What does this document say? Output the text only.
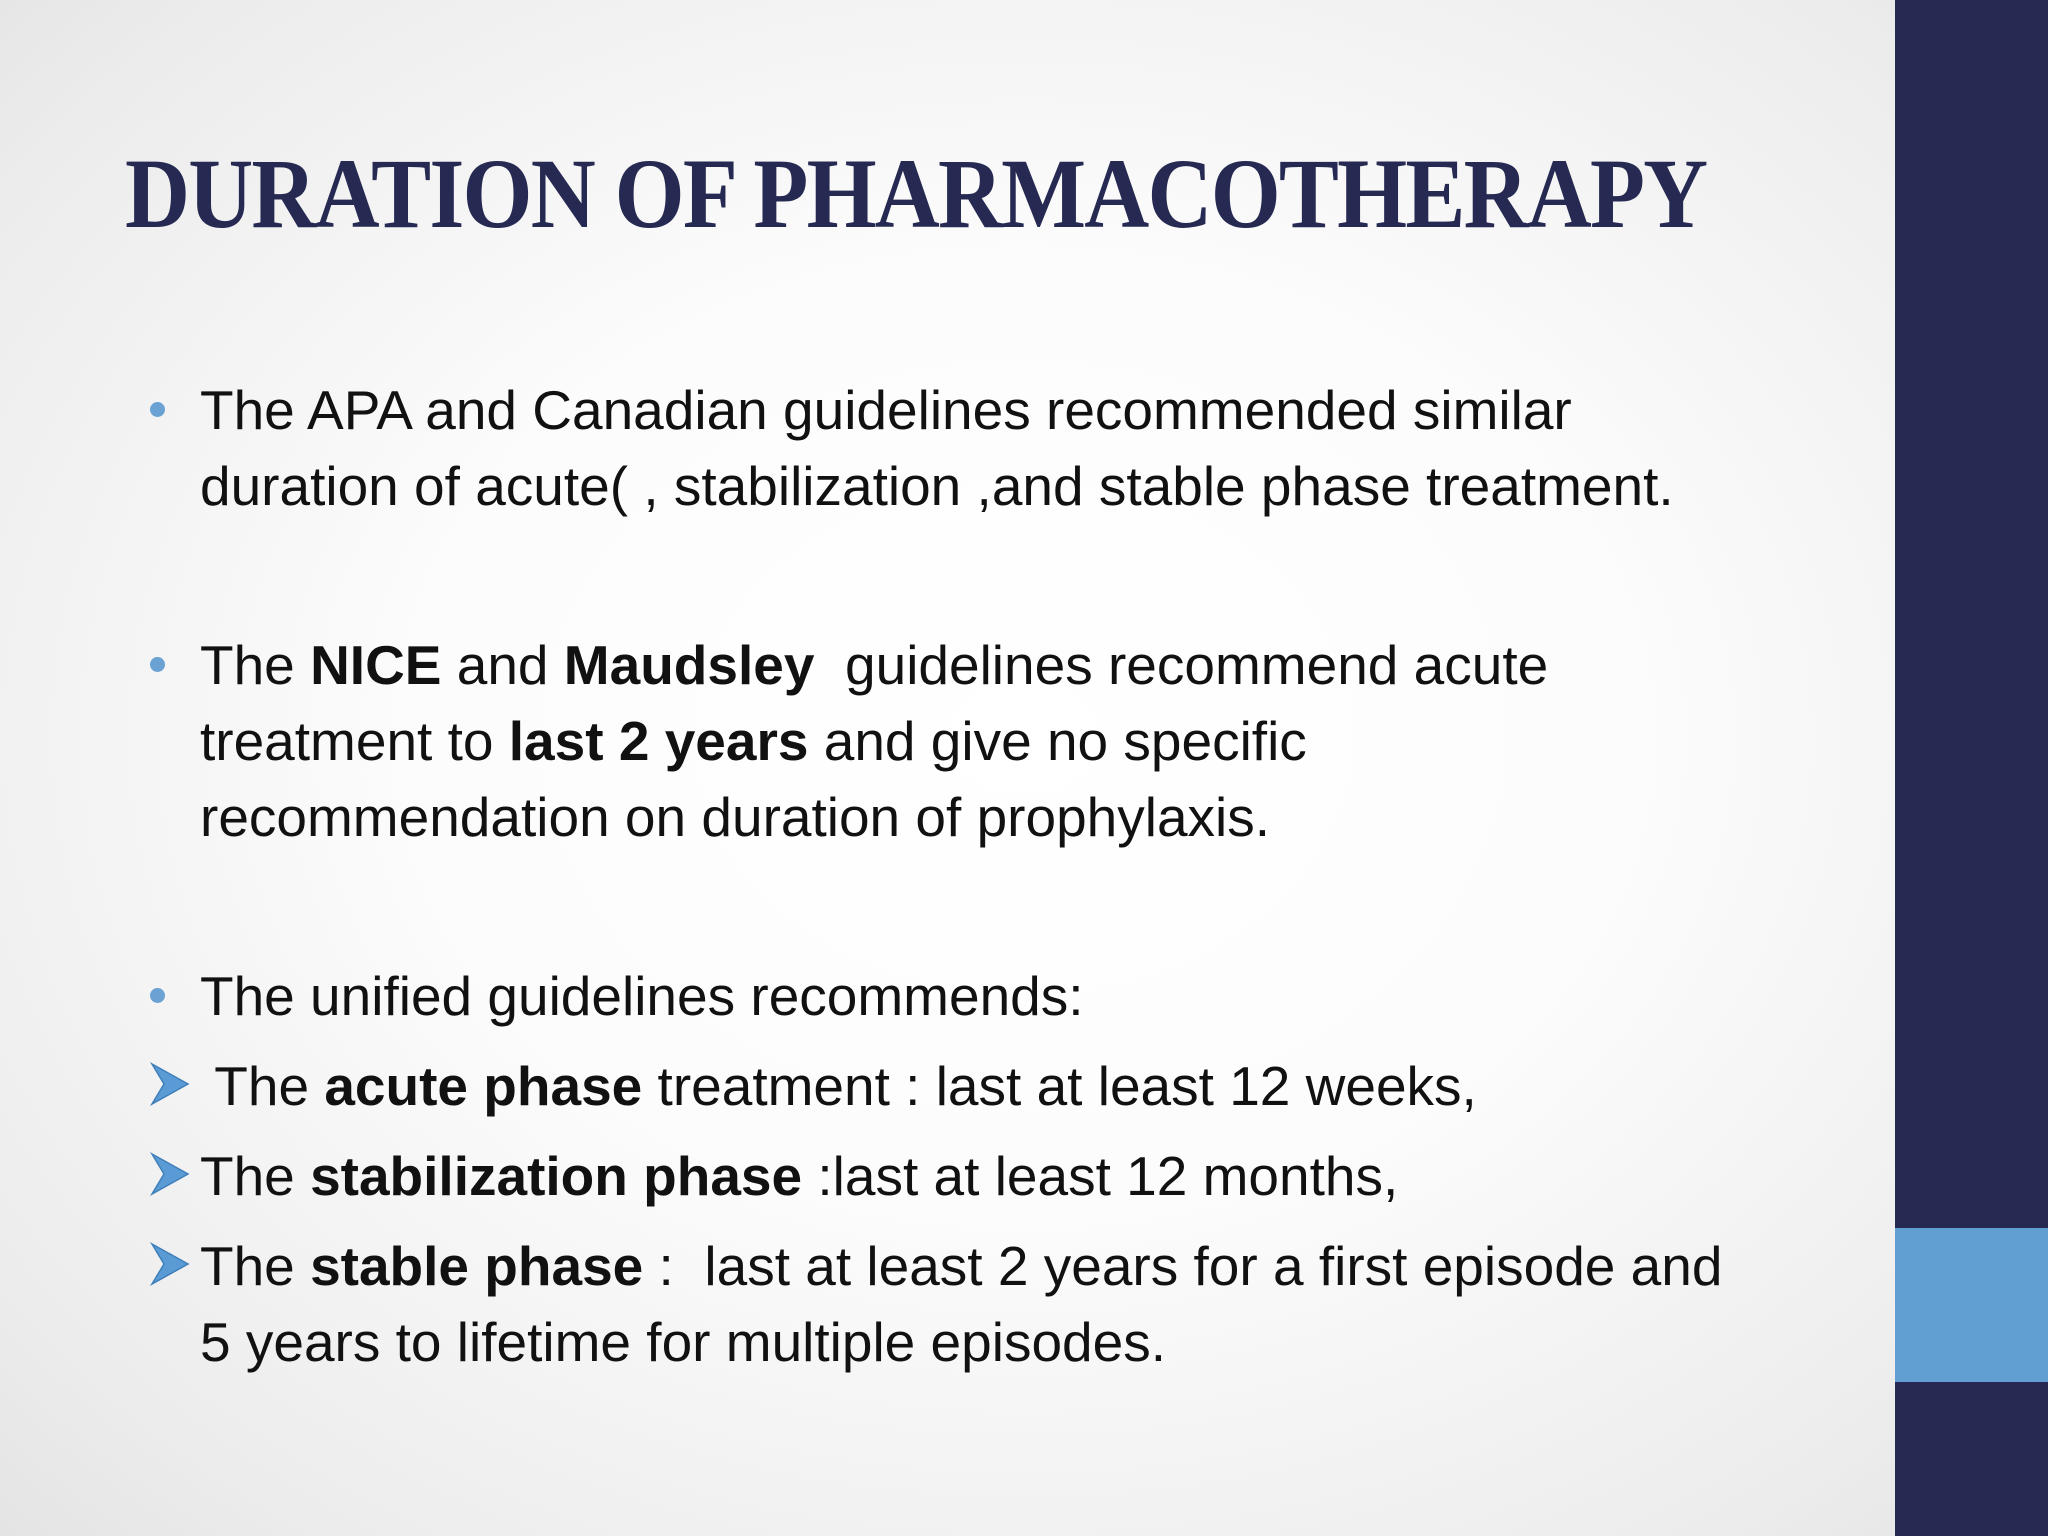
DURATION OF PHARMACOTHERAPY

The APA and Canadian guidelines recommended similar
duration of acute( , stabilization ,and stable phase treatment.

The NICE and Maudsley  guidelines recommend acute
treatment to last 2 years and give no specific
recommendation on duration of prophylaxis.

The unified guidelines recommends:

The acute phase treatment : last at least 12 weeks,

The stabilization phase :last at least 12 months,

The stable phase :  last at least 2 years for a first episode and
5 years to lifetime for multiple episodes.
